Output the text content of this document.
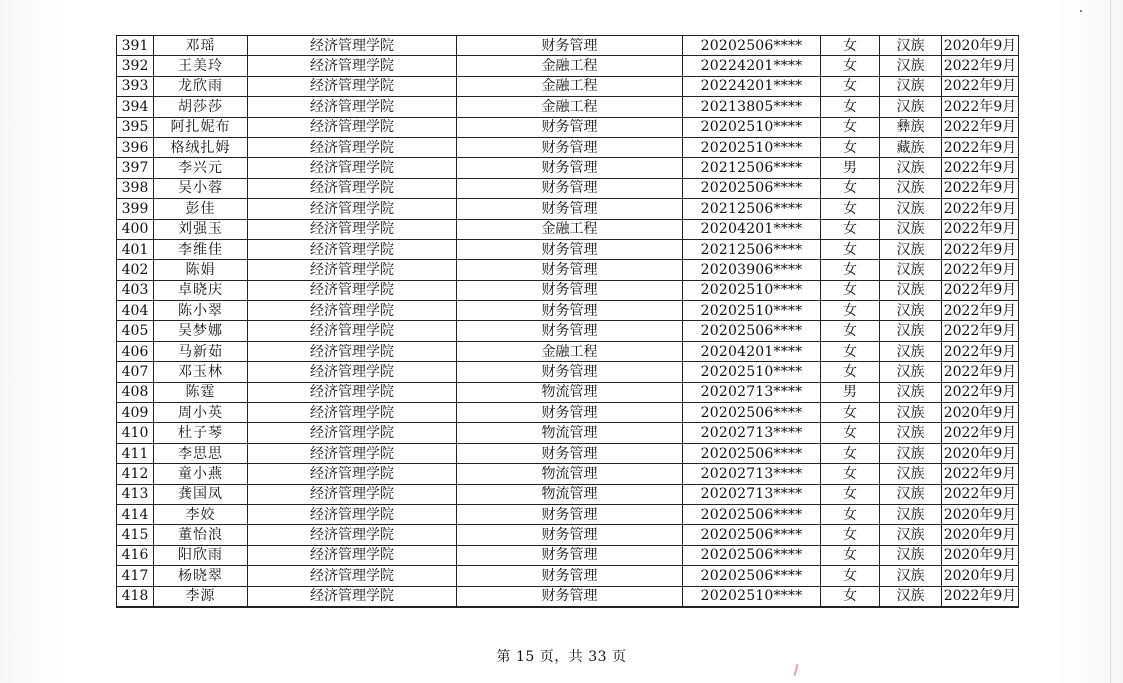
391	邓瑶	经济管理学院	财务管理	20202506****	女	汉族	2020年9月
392	王美玲	经济管理学院	金融工程	20224201****	女	汉族	2022年9月
393	龙欣雨	经济管理学院	金融工程	20224201****	女	汉族	2022年9月
394	胡莎莎	经济管理学院	金融工程	20213805****	女	汉族	2022年9月
395	阿扎妮布	经济管理学院	财务管理	20202510****	女	彝族	2022年9月
396	格绒扎姆	经济管理学院	财务管理	20202510****	女	藏族	2022年9月
397	李兴元	经济管理学院	财务管理	20212506****	男	汉族	2022年9月
398	吴小蓉	经济管理学院	财务管理	20202506****	女	汉族	2022年9月
399	彭佳	经济管理学院	财务管理	20212506****	女	汉族	2022年9月
400	刘强玉	经济管理学院	金融工程	20204201****	女	汉族	2022年9月
401	李维佳	经济管理学院	财务管理	20212506****	女	汉族	2022年9月
402	陈娟	经济管理学院	财务管理	20203906****	女	汉族	2022年9月
403	卓晓庆	经济管理学院	财务管理	20202510****	女	汉族	2022年9月
404	陈小翠	经济管理学院	财务管理	20202510****	女	汉族	2022年9月
405	吴梦娜	经济管理学院	财务管理	20202506****	女	汉族	2022年9月
406	马新茹	经济管理学院	金融工程	20204201****	女	汉族	2022年9月
407	邓玉林	经济管理学院	财务管理	20202510****	女	汉族	2022年9月
408	陈霆	经济管理学院	物流管理	20202713****	男	汉族	2022年9月
409	周小英	经济管理学院	财务管理	20202506****	女	汉族	2020年9月
410	杜子琴	经济管理学院	物流管理	20202713****	女	汉族	2022年9月
411	李思思	经济管理学院	财务管理	20202506****	女	汉族	2020年9月
412	童小燕	经济管理学院	物流管理	20202713****	女	汉族	2022年9月
413	龚国凤	经济管理学院	物流管理	20202713****	女	汉族	2022年9月
414	李姣	经济管理学院	财务管理	20202506****	女	汉族	2020年9月
415	董怡浪	经济管理学院	财务管理	20202506****	女	汉族	2020年9月
416	阳欣雨	经济管理学院	财务管理	20202506****	女	汉族	2020年9月
417	杨晓翠	经济管理学院	财务管理	20202506****	女	汉族	2020年9月
418	李源	经济管理学院	财务管理	20202510****	女	汉族	2022年9月
第 15 页，共 33 页
